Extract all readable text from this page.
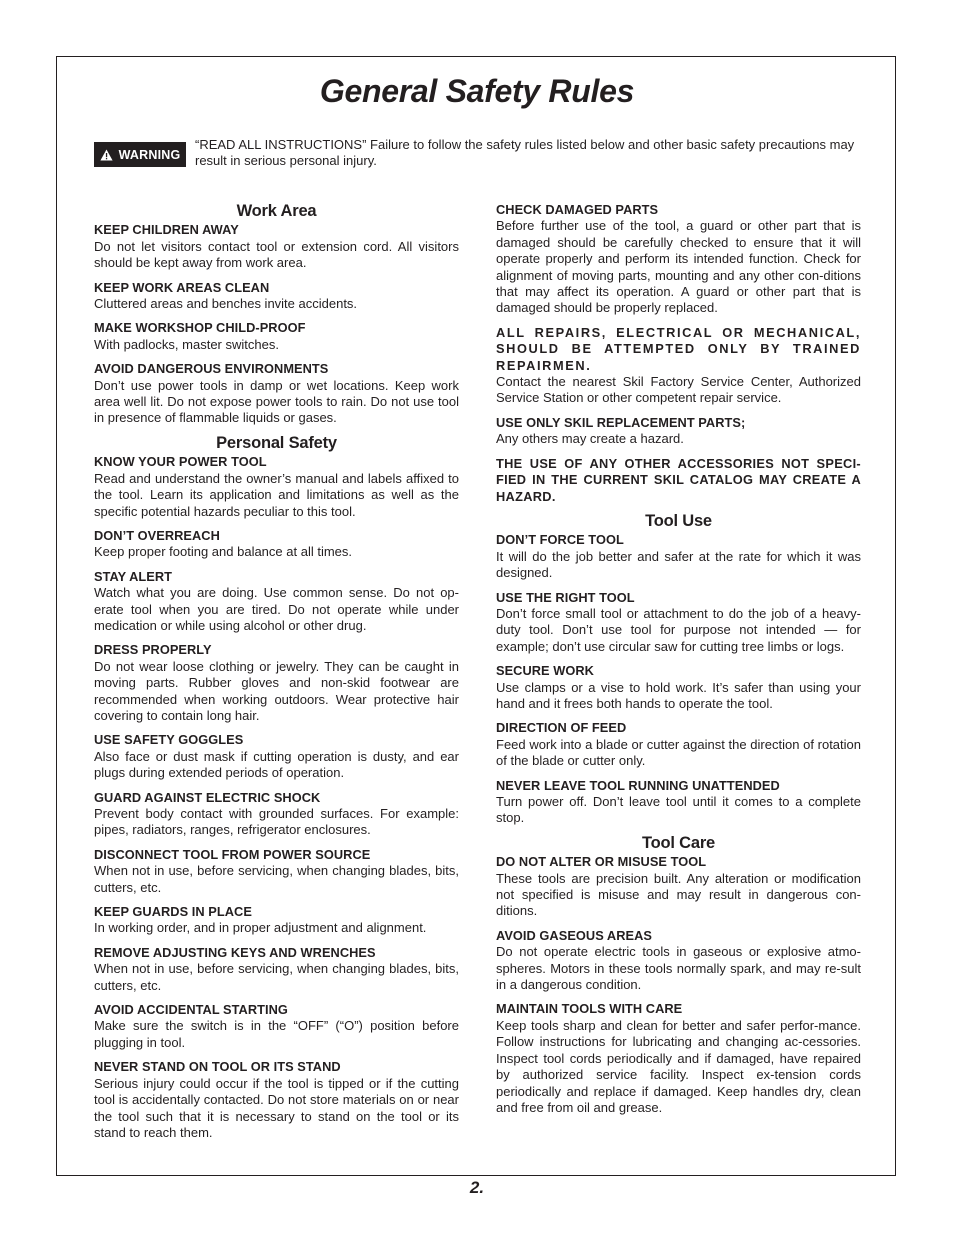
General Safety Rules
WARNING
“READ ALL INSTRUCTIONS” Failure to follow the safety rules listed below and other basic safety precautions may result in serious personal injury.
Work Area
KEEP CHILDREN AWAY
Do not let visitors contact tool or extension cord. All visitors should be kept away from work area.
KEEP WORK AREAS CLEAN
Cluttered areas and benches invite accidents.
MAKE WORKSHOP CHILD-PROOF
With padlocks, master switches.
AVOID DANGEROUS ENVIRONMENTS
Don’t use power tools in damp or wet locations. Keep work area well lit. Do not expose power tools to rain. Do not use tool in presence of flammable liquids or gases.
Personal Safety
KNOW YOUR POWER TOOL
Read and understand the owner’s manual and labels affixed to the tool. Learn its application and limitations as well as the specific potential hazards peculiar to this tool.
DON’T OVERREACH
Keep proper footing and balance at all times.
STAY ALERT
Watch what you are doing. Use common sense. Do not op-erate tool when you are tired. Do not operate while under medication or while using alcohol or other drug.
DRESS PROPERLY
Do not wear loose clothing or jewelry. They can be caught in moving parts. Rubber gloves and non-skid footwear are recommended when working outdoors. Wear protective hair covering to contain long hair.
USE SAFETY GOGGLES
Also face or dust mask if cutting operation is dusty, and ear plugs during extended periods of operation.
GUARD AGAINST ELECTRIC SHOCK
Prevent body contact with grounded surfaces. For example: pipes, radiators, ranges, refrigerator enclosures.
DISCONNECT TOOL FROM POWER SOURCE
When not in use, before servicing, when changing blades, bits, cutters, etc.
KEEP GUARDS IN PLACE
In working order, and in proper adjustment and alignment.
REMOVE ADJUSTING KEYS AND WRENCHES
When not in use, before servicing, when changing blades, bits, cutters, etc.
AVOID ACCIDENTAL STARTING
Make sure the switch is in the “OFF” (“O”) position before plugging in tool.
NEVER STAND ON TOOL OR ITS STAND
Serious injury could occur if the tool is tipped or if the cutting tool is accidentally contacted. Do not store materials on or near the tool such that it is necessary to stand on the tool or its stand to reach them.
CHECK DAMAGED PARTS
Before further use of the tool, a guard or other part that is damaged should be carefully checked to ensure that it will operate properly and perform its intended function. Check for alignment of moving parts, mounting and any other con-ditions that may affect its operation. A guard or other part that is damaged should be properly replaced.
ALL REPAIRS, ELECTRICAL OR MECHANICAL, SHOULD BE ATTEMPTED ONLY BY TRAINED REPAIRMEN.
Contact the nearest Skil Factory Service Center, Authorized Service Station or other competent repair service.
USE ONLY SKIL REPLACEMENT PARTS;
Any others may create a hazard.
THE USE OF ANY OTHER ACCESSORIES NOT SPECI-FIED IN THE CURRENT SKIL CATALOG MAY CREATE A HAZARD.
Tool Use
DON’T FORCE TOOL
It will do the job better and safer at the rate for which it was designed.
USE THE RIGHT TOOL
Don’t force small tool or attachment to do the job of a heavy-duty tool. Don’t use tool for purpose not intended — for example; don’t use circular saw for cutting tree limbs or logs.
SECURE WORK
Use clamps or a vise to hold work. It’s safer than using your hand and it frees both hands to operate the tool.
DIRECTION OF FEED
Feed work into a blade or cutter against the direction of rotation of the blade or cutter only.
NEVER LEAVE TOOL RUNNING UNATTENDED
Turn power off. Don’t leave tool until it comes to a complete stop.
Tool Care
DO NOT ALTER OR MISUSE TOOL
These tools are precision built. Any alteration or modification not specified is misuse and may result in dangerous con-ditions.
AVOID GASEOUS AREAS
Do not operate electric tools in gaseous or explosive atmo-spheres. Motors in these tools normally spark, and may re-sult in a dangerous condition.
MAINTAIN TOOLS WITH CARE
Keep tools sharp and clean for better and safer perfor-mance. Follow instructions for lubricating and changing ac-cessories. Inspect tool cords periodically and if damaged, have repaired by authorized service facility. Inspect ex-tension cords periodically and replace if damaged. Keep handles dry, clean and free from oil and grease.
2.
